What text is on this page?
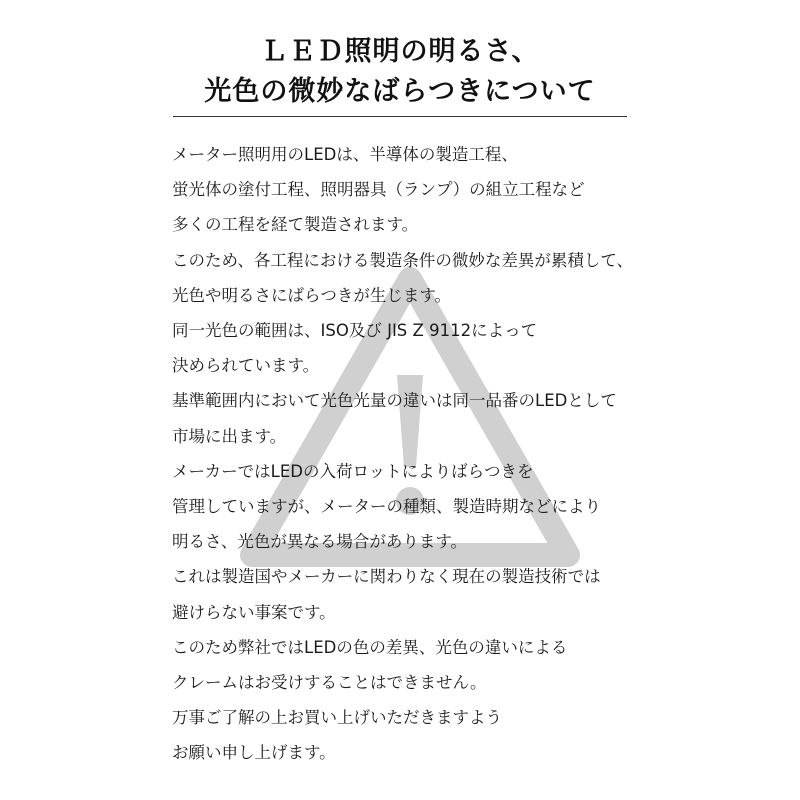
ＬＥＤ照明の明るさ、
光色の微妙なばらつきについて
メーター照明用のLEDは、半導体の製造工程、
蛍光体の塗付工程、照明器具（ランプ）の組立工程など
多くの工程を経て製造されます。
このため、各工程における製造条件の微妙な差異が累積して、
光色や明るさにばらつきが生じます。
同一光色の範囲は、ISO及び JIS Z 9112によって
決められています。
基準範囲内において光色光量の違いは同一品番のLEDとして
市場に出ます。
メーカーではLEDの入荷ロットによりばらつきを
管理していますが、メーターの種類、製造時期などにより
明るさ、光色が異なる場合があります。
これは製造国やメーカーに関わりなく現在の製造技術では
避けらない事案です。
このため弊社ではLEDの色の差異、光色の違いによる
クレームはお受けすることはできません。
万事ご了解の上お買い上げいただきますよう
お願い申し上げます。
